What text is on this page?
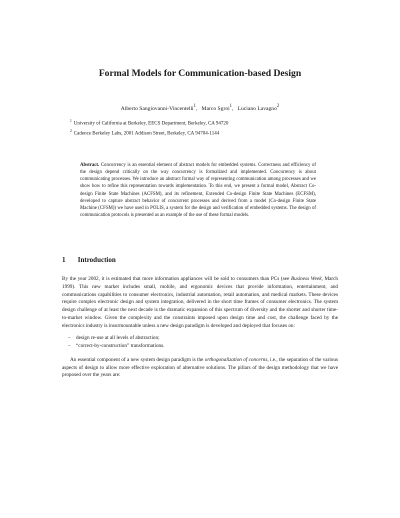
Formal Models for Communication-based Design
Alberto Sangiovanni-Vincentelli$^1$,   Marco Sgroi$^1$,   Luciano Lavagno$^2$
$^1$University of California at Berkeley, EECS Department, Berkeley, CA 94720
$^2$Cadence Berkeley Labs, 2001 Addison Street, Berkeley, CA 94704-1144
Abstract. Concurrency is an essential element of abstract models for embedded systems. Correctness and efficiency of the design depend critically on the way concurrency is formalized and implemented. Concurrency is about communicating processes. We introduce an abstract formal way of representing communication among processes and we show how to refine this representation towards implementation. To this end, we present a formal model, Abstract Co-design Finite State Machines (ACFSM), and its refinement, Extended Co-design Finite State Machines (ECFSM), developed to capture abstract behavior of concurrent processes and derived from a model (Co-design Finite State Machine (CFSM)) we have used in POLIS, a system for the design and verification of embedded systems. The design of communication protocols is presented as an example of the use of these formal models.
1 Introduction

By the year 2002, it is estimated that more information appliances will be sold to consumers than PCs (see Business Week, March 1999). This new market includes small, mobile, and ergonomic devices that provide information, entertainment, and communications capabilities to consumer electronics, industrial automation, retail automation, and medical markets. These devices require complex electronic design and system integration, delivered in the short time frames of consumer electronics. The system design challenge of at least the next decade is the dramatic expansion of this spectrum of diversity and the shorter and shorter time-to-market window. Given the complexity and the constraints imposed upon design time and cost, the challenge faced by the electronics industry is insurmountable unless a new design paradigm is developed and deployed that focuses on:

– design re-use at all levels of abstraction;
– “correct-by-construction” transformations.

An essential component of a new system design paradigm is the orthogonalization of concerns, i.e., the separation of the various aspects of design to allow more effective exploration of alternative solutions. The pillars of the design methodology that we have proposed over the years are:
